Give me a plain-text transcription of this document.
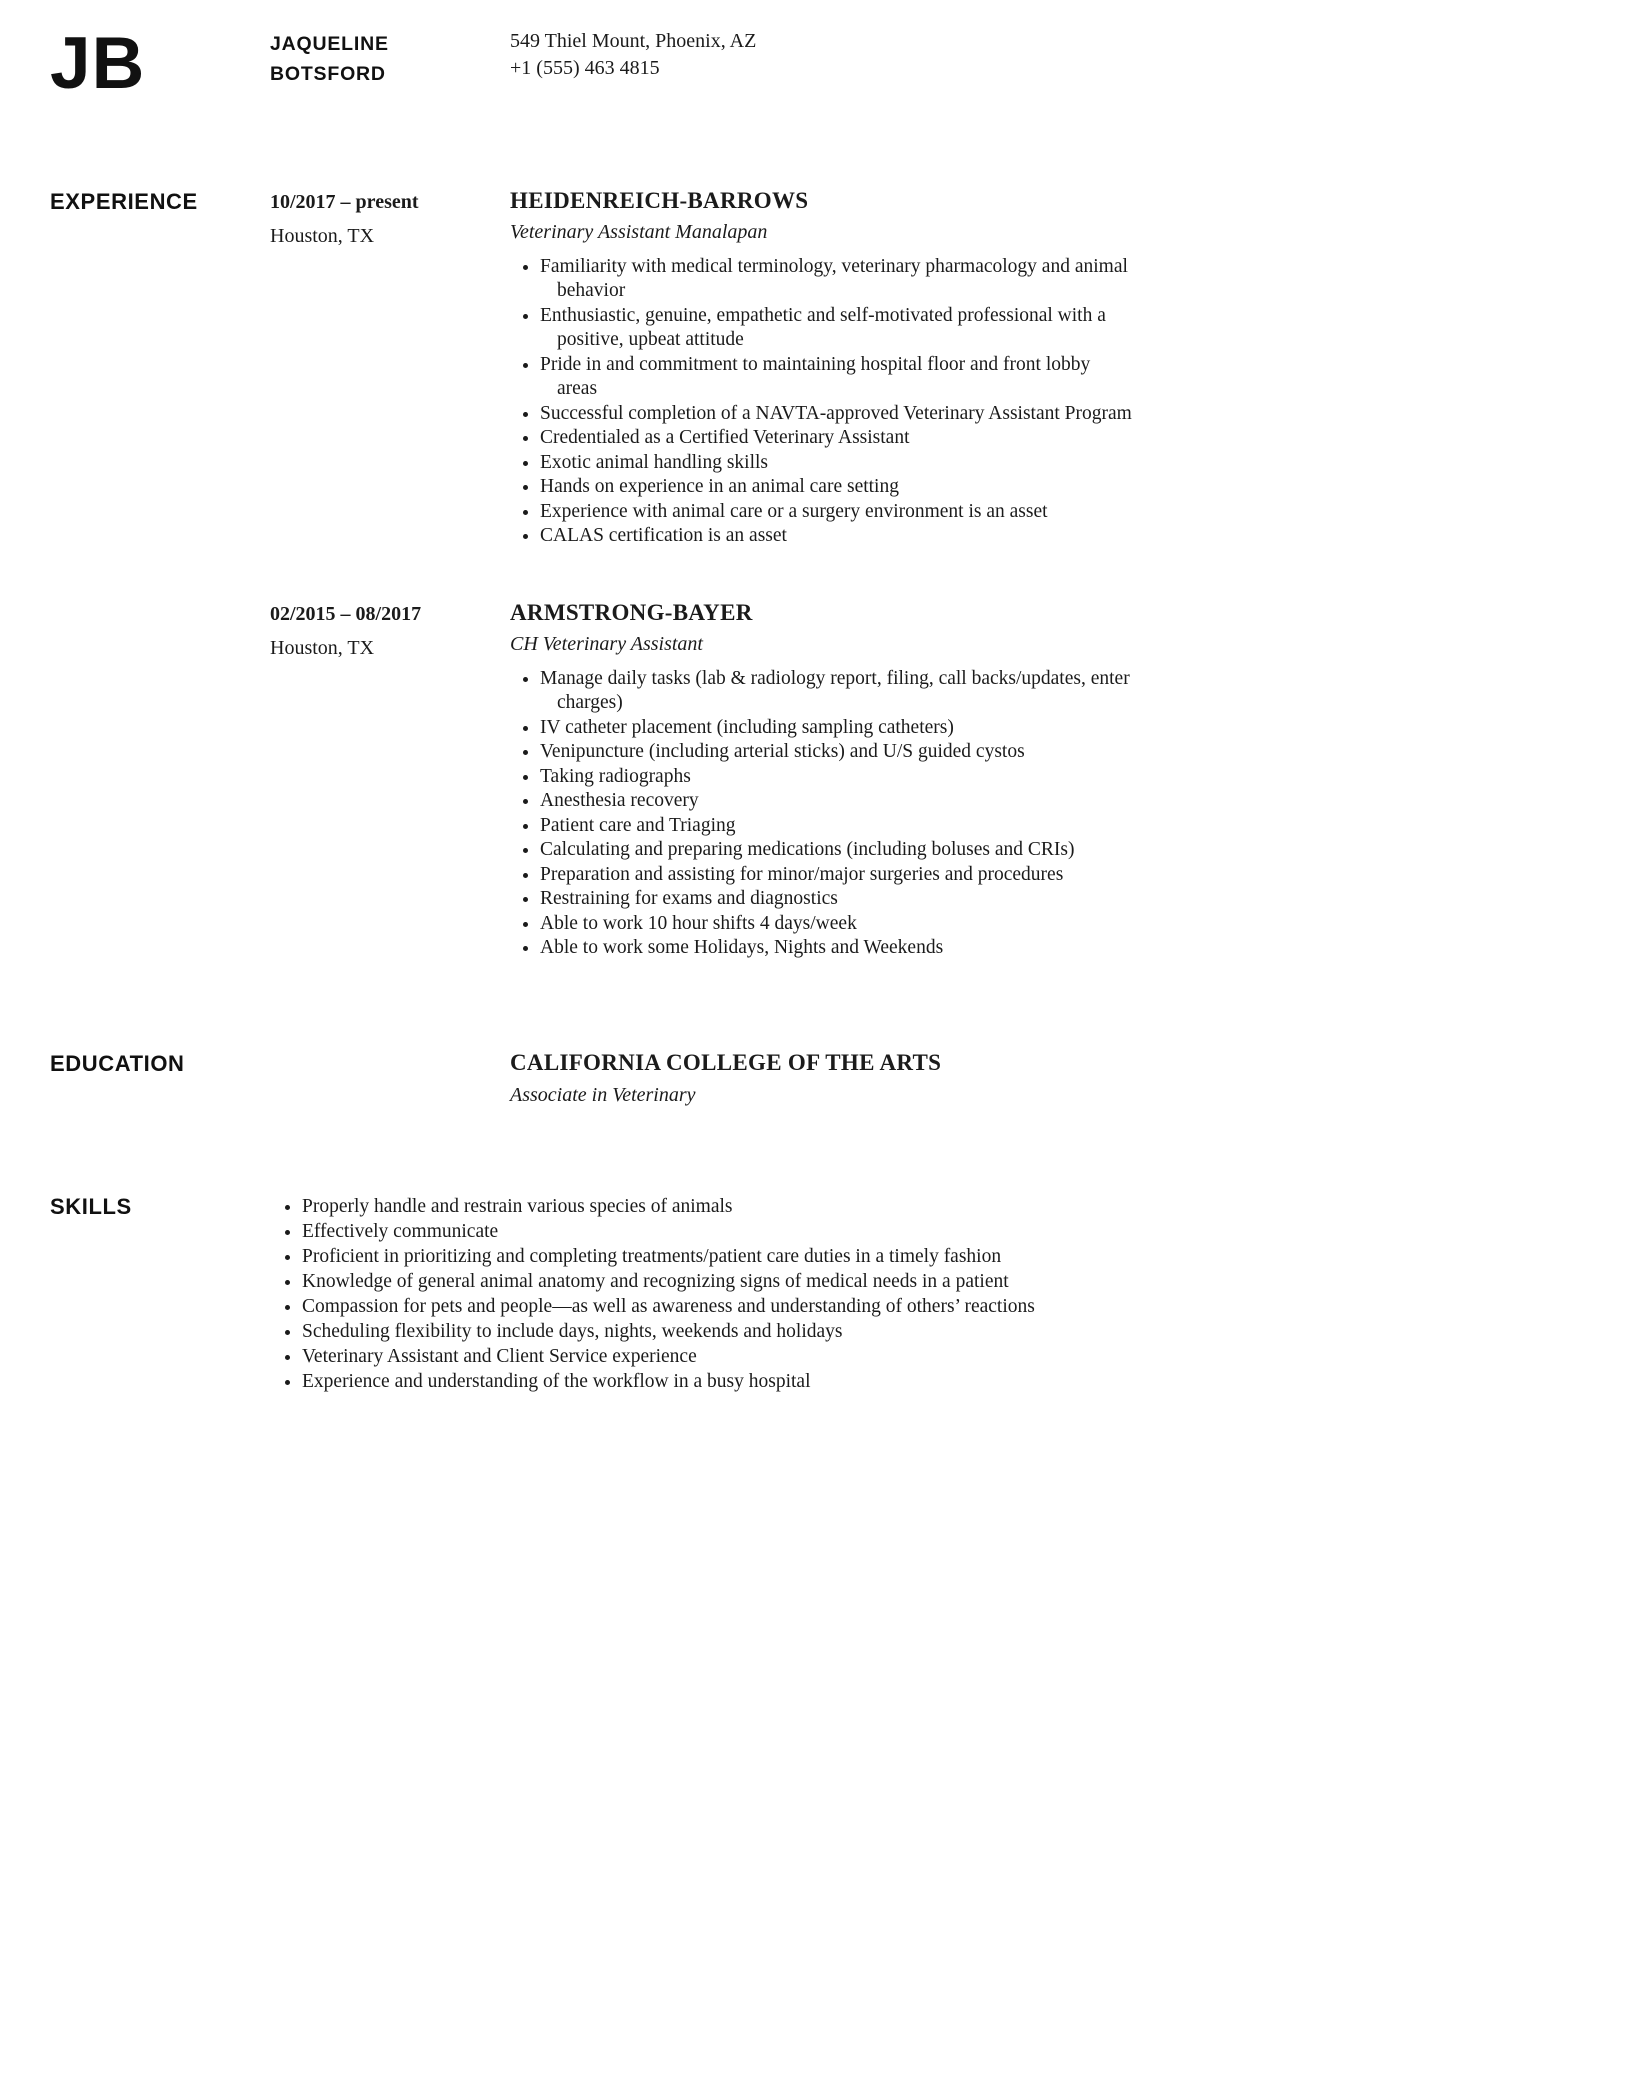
JB	JAQUELINE
BOTSFORD
549 Thiel Mount, Phoenix, AZ
+1 (555) 463 4815
EXPERIENCE	10/2017 – present
Houston, TX
HEIDENREICH-BARROWS
Veterinary Assistant Manalapan
• Familiarity with medical terminology, veterinary pharmacology and animal behavior
• Enthusiastic, genuine, empathetic and self-motivated professional with a positive, upbeat attitude
• Pride in and commitment to maintaining hospital floor and front lobby areas
• Successful completion of a NAVTA-approved Veterinary Assistant Program
• Credentialed as a Certified Veterinary Assistant
• Exotic animal handling skills
• Hands on experience in an animal care setting
• Experience with animal care or a surgery environment is an asset
• CALAS certification is an asset
02/2015 – 08/2017
Houston, TX
ARMSTRONG-BAYER
CH Veterinary Assistant
• Manage daily tasks (lab & radiology report, filing, call backs/updates, enter charges)
• IV catheter placement (including sampling catheters)
• Venipuncture (including arterial sticks) and U/S guided cystos
• Taking radiographs
• Anesthesia recovery
• Patient care and Triaging
• Calculating and preparing medications (including boluses and CRIs)
• Preparation and assisting for minor/major surgeries and procedures
• Restraining for exams and diagnostics
• Able to work 10 hour shifts 4 days/week
• Able to work some Holidays, Nights and Weekends
EDUCATION	CALIFORNIA COLLEGE OF THE ARTS
Associate in Veterinary
SKILLS	• Properly handle and restrain various species of animals
• Effectively communicate
• Proficient in prioritizing and completing treatments/patient care duties in a timely fashion
• Knowledge of general animal anatomy and recognizing signs of medical needs in a patient
• Compassion for pets and people—as well as awareness and understanding of others’ reactions
• Scheduling flexibility to include days, nights, weekends and holidays
• Veterinary Assistant and Client Service experience
• Experience and understanding of the workflow in a busy hospital
